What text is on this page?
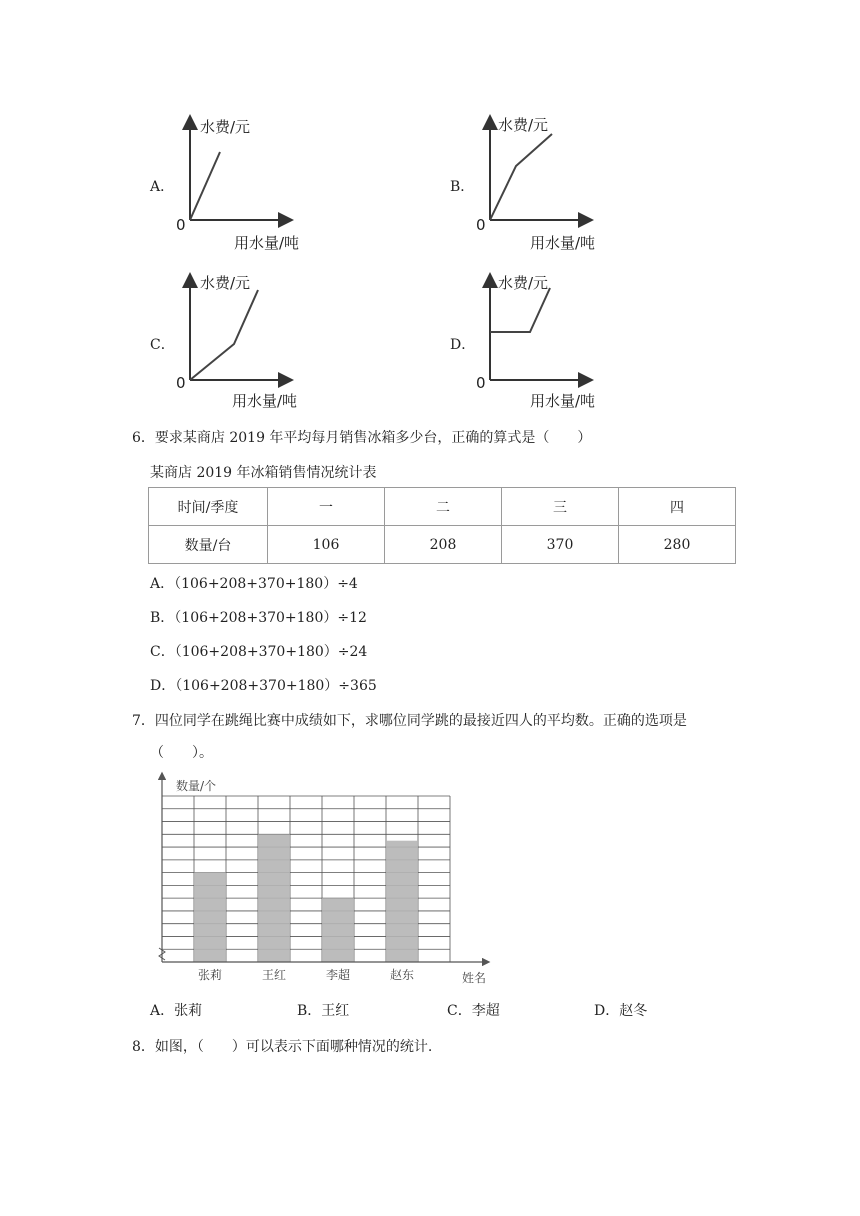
A．
水费/元
用水量/吨
0
B．
水费/元
用水量/吨
0
C．
水费/元
用水量/吨
0
D．
水费/元
用水量/吨
0
6．要求某商店 2019 年平均每月销售冰箱多少台，正确的算式是（　　）
某商店 2019 年冰箱销售情况统计表
时间/季度	一	二	三	四
数量/台	106	208	370	280
A．（106+208+370+180）÷4
B．（106+208+370+180）÷12
C．（106+208+370+180）÷24
D．（106+208+370+180）÷365
7．四位同学在跳绳比赛中成绩如下，求哪位同学跳的最接近四人的平均数。正确的选项是
（　　）。
数量/个
姓名
张莉	王红	李超	赵东
A．张莉	B．王红	C．李超	D．赵冬
8．如图，（　　）可以表示下面哪种情况的统计.
